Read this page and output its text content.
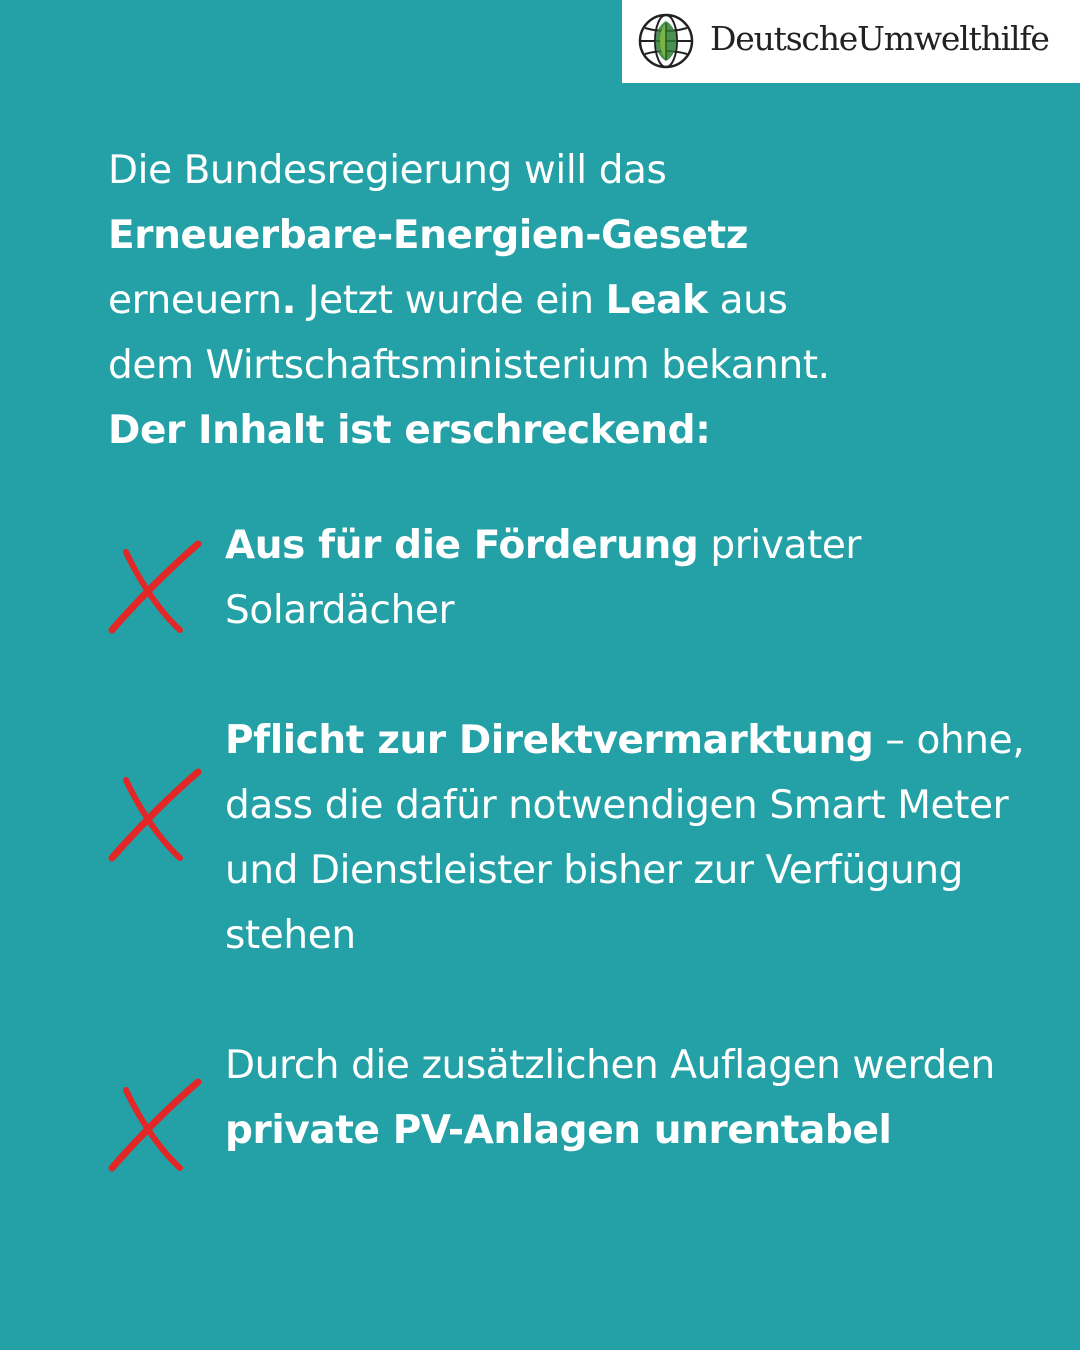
DeutscheUmwelthilfe
Die Bundesregierung will das
Erneuerbare-Energien-Gesetz
erneuern. Jetzt wurde ein Leak aus
dem Wirtschaftsministerium bekannt.
Der Inhalt ist erschreckend:
Aus für die Förderung privater Solardächer
Pflicht zur Direktvermarktung – ohne, dass die dafür notwendigen Smart Meter und Dienstleister bisher zur Verfügung stehen
Durch die zusätzlichen Auflagen werden private PV-Anlagen unrentabel
